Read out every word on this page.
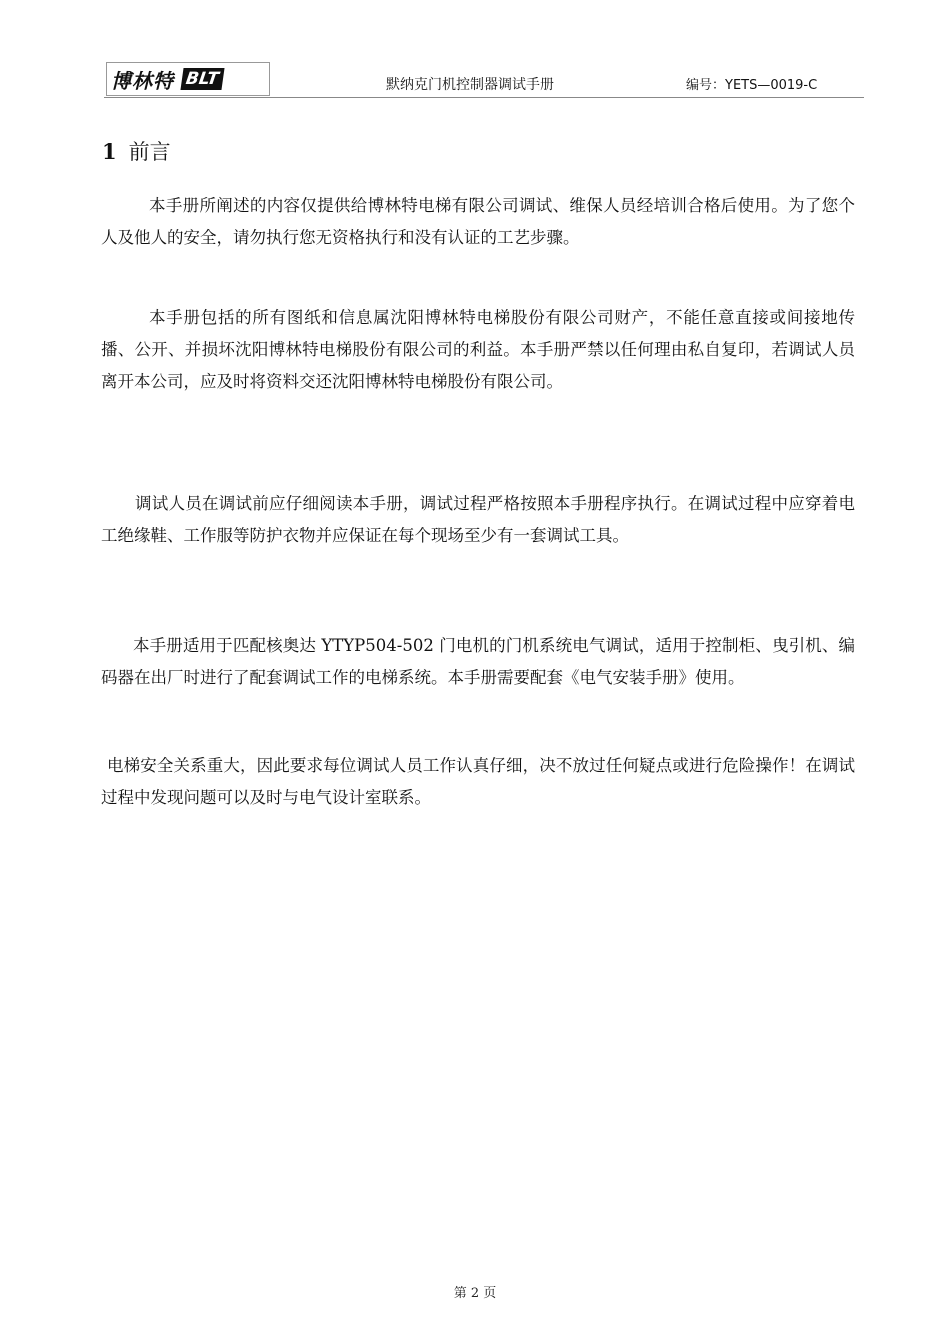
博林特 BLT	默纳克门机控制器调试手册	编号：YETS—0019-C
1 前言

本手册所阐述的内容仅提供给博林特电梯有限公司调试、维保人员经培训合格后使用。为了您个人及他人的安全，请勿执行您无资格执行和没有认证的工艺步骤。

本手册包括的所有图纸和信息属沈阳博林特电梯股份有限公司财产，不能任意直接或间接地传播、公开、并损坏沈阳博林特电梯股份有限公司的利益。本手册严禁以任何理由私自复印，若调试人员离开本公司，应及时将资料交还沈阳博林特电梯股份有限公司。

调试人员在调试前应仔细阅读本手册，调试过程严格按照本手册程序执行。在调试过程中应穿着电工绝缘鞋、工作服等防护衣物并应保证在每个现场至少有一套调试工具。

本手册适用于匹配核奥达 YTYP504-502 门电机的门机系统电气调试，适用于控制柜、曳引机、编码器在出厂时进行了配套调试工作的电梯系统。本手册需要配套《电气安装手册》使用。

电梯安全关系重大，因此要求每位调试人员工作认真仔细，决不放过任何疑点或进行危险操作！在调试过程中发现问题可以及时与电气设计室联系。

第 2 页
